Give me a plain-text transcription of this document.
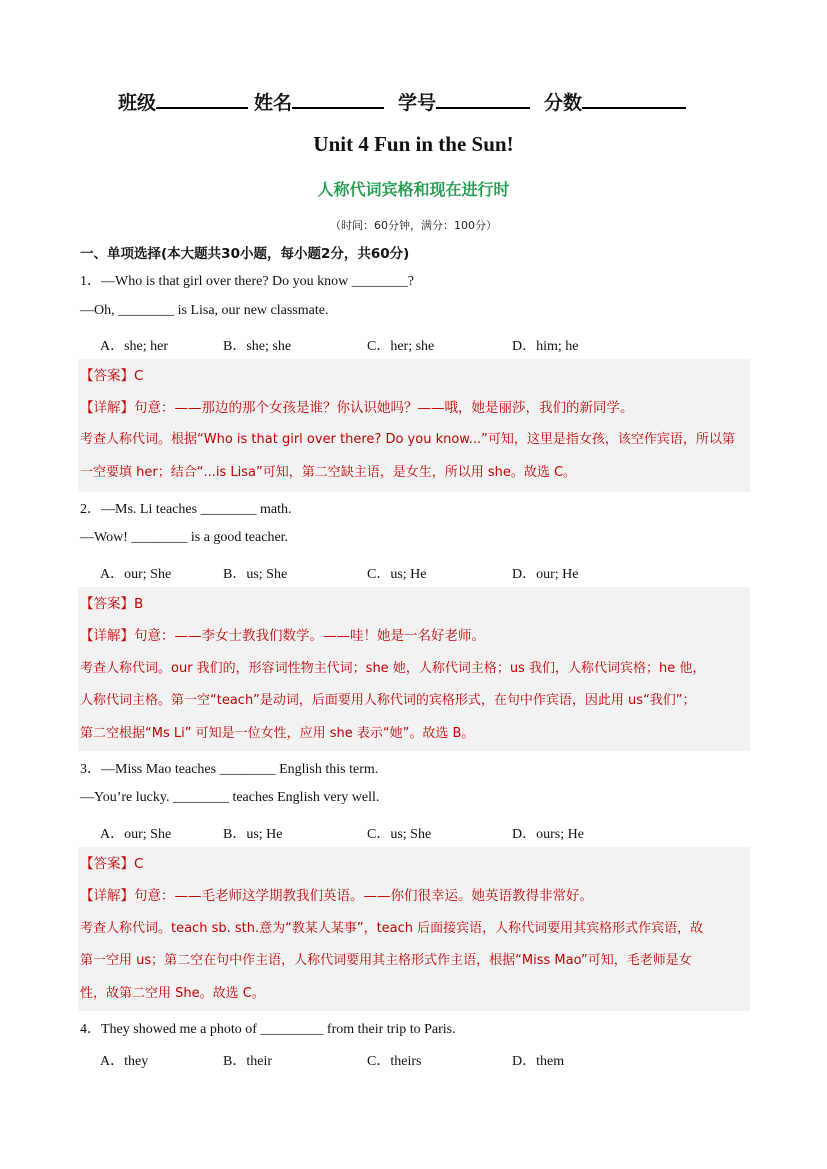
班级	姓名	学号	分数
Unit 4 Fun in the Sun!
人称代词宾格和现在进行时
（时间：60分钟，满分：100分）
一、单项选择(本大题共30小题，每小题2分，共60分)
1．—Who is that girl over there? Do you know ________?
—Oh, ________ is Lisa, our new classmate.
A．she; her	B．she; she	C．her; she	D．him; he
【答案】C
【详解】句意：——那边的那个女孩是谁？你认识她吗？——哦，她是丽莎，我们的新同学。
考查人称代词。根据“Who is that girl over there? Do you know...”可知，这里是指女孩，该空作宾语，所以第
一空要填 her；结合“...is Lisa”可知，第二空缺主语，是女生，所以用 she。故选 C。
2．—Ms. Li teaches ________ math.
—Wow! ________ is a good teacher.
A．our; She	B．us; She	C．us; He	D．our; He
【答案】B
【详解】句意：——李女士教我们数学。——哇！她是一名好老师。
考查人称代词。our 我们的，形容词性物主代词；she 她，人称代词主格；us 我们，人称代词宾格；he 他，
人称代词主格。第一空“teach”是动词，后面要用人称代词的宾格形式，在句中作宾语，因此用 us“我们”；
第二空根据“Ms Li” 可知是一位女性，应用 she 表示“她”。故选 B。
3．—Miss Mao teaches ________ English this term.
—You’re lucky. ________ teaches English very well.
A．our; She	B．us; He	C．us; She	D．ours; He
【答案】C
【详解】句意：——毛老师这学期教我们英语。——你们很幸运。她英语教得非常好。
考查人称代词。teach sb. sth.意为“教某人某事”，teach 后面接宾语，人称代词要用其宾格形式作宾语，故
第一空用 us；第二空在句中作主语，人称代词要用其主格形式作主语，根据“Miss Mao”可知，毛老师是女
性，故第二空用 She。故选 C。
4．They showed me a photo of _________ from their trip to Paris.
A．they	B．their	C．theirs	D．them
